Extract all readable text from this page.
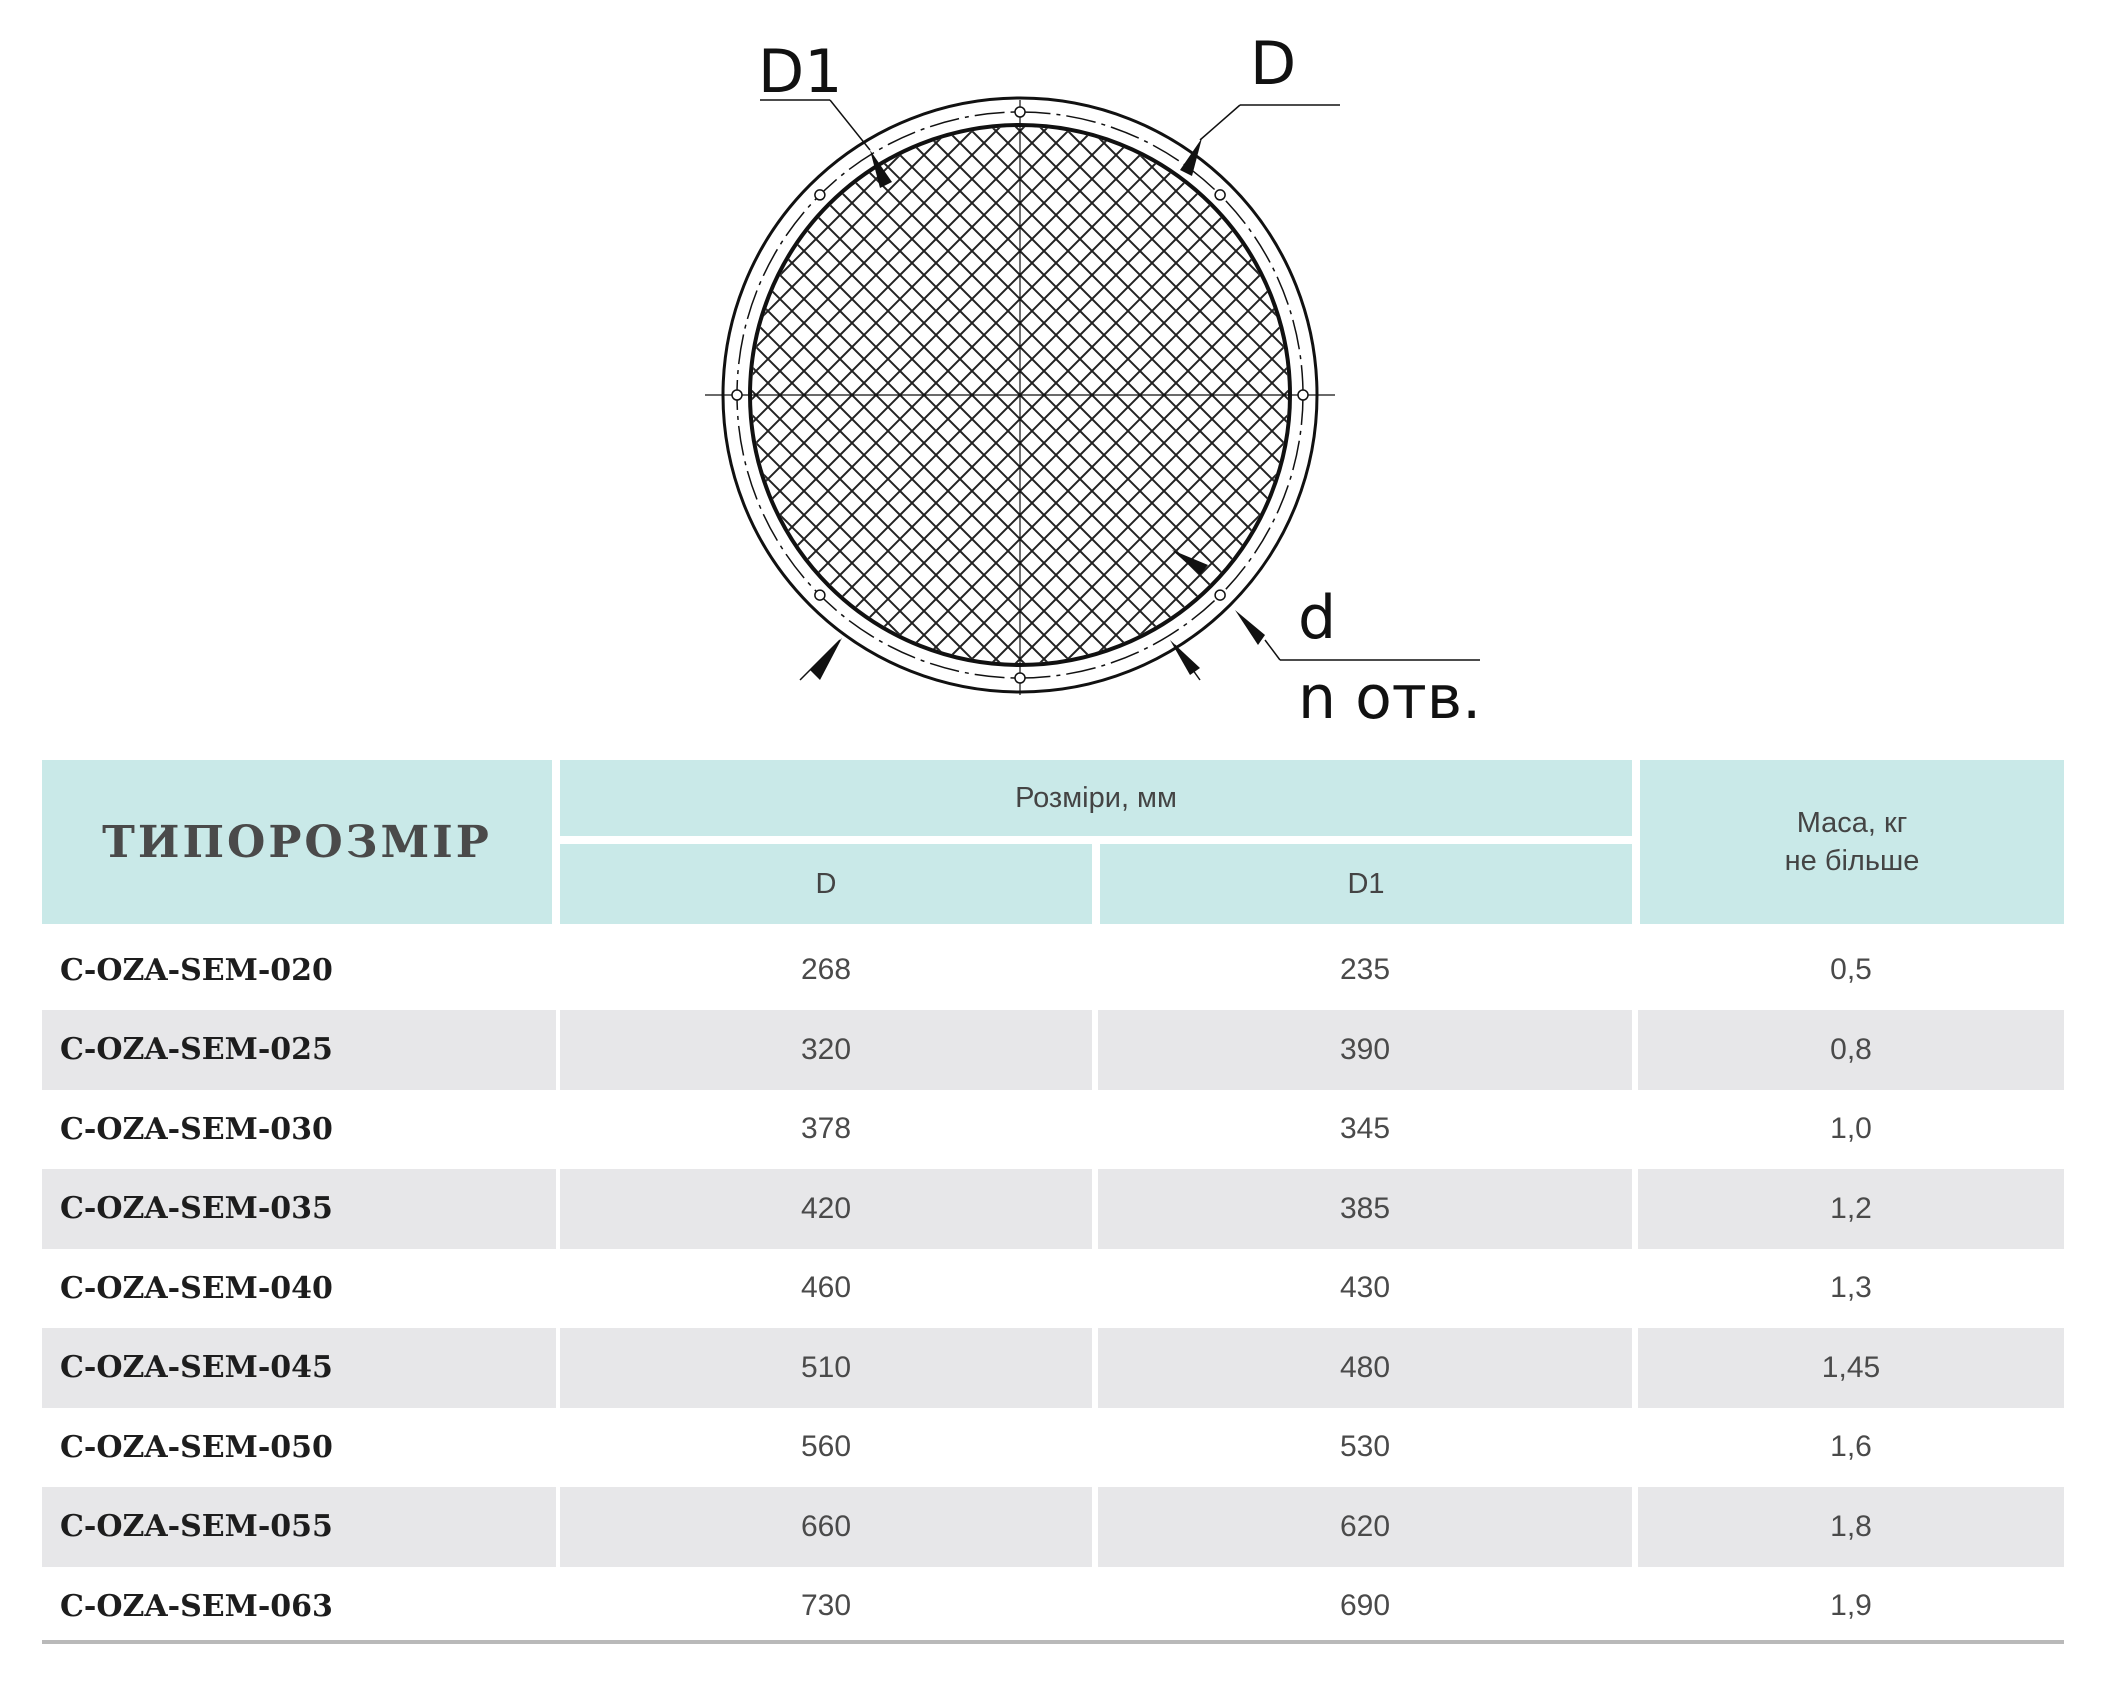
D1	D
d
n отв.
ТИПОРОЗМІР
Розміри, мм
D	D1
Маса, кг
не більше
C-OZA-SEM-020	268	235	0,5
C-OZA-SEM-025	320	390	0,8
C-OZA-SEM-030	378	345	1,0
C-OZA-SEM-035	420	385	1,2
C-OZA-SEM-040	460	430	1,3
C-OZA-SEM-045	510	480	1,45
C-OZA-SEM-050	560	530	1,6
C-OZA-SEM-055	660	620	1,8
C-OZA-SEM-063	730	690	1,9
